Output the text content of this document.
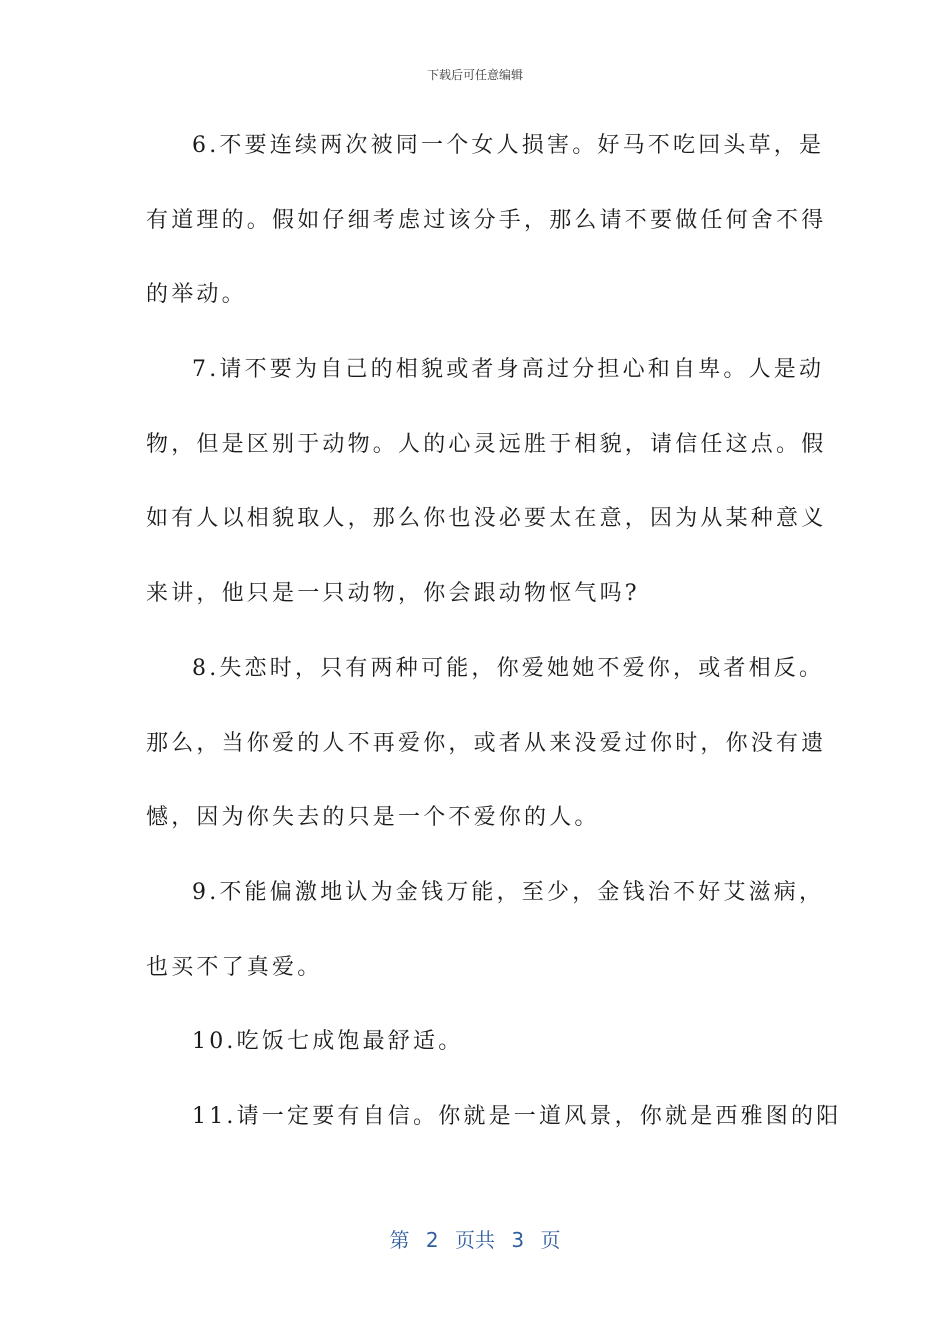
下载后可任意编辑
6.不要连续两次被同一个女人损害。好马不吃回头草，是
有道理的。假如仔细考虑过该分手，那么请不要做任何舍不得
的举动。
7.请不要为自己的相貌或者身高过分担心和自卑。人是动
物，但是区别于动物。人的心灵远胜于相貌，请信任这点。假
如有人以相貌取人，那么你也没必要太在意，因为从某种意义
来讲，他只是一只动物，你会跟动物怄气吗?
8.失恋时，只有两种可能，你爱她她不爱你，或者相反。
那么，当你爱的人不再爱你，或者从来没爱过你时，你没有遗
憾，因为你失去的只是一个不爱你的人。
9.不能偏激地认为金钱万能，至少，金钱治不好艾滋病，
也买不了真爱。
10.吃饭七成饱最舒适。
11.请一定要有自信。你就是一道风景，你就是西雅图的阳
第 2 页共 3 页
